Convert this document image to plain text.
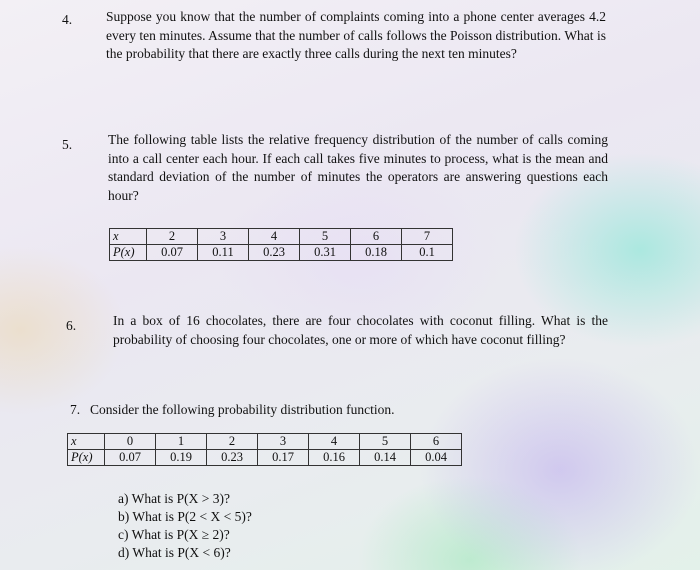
4.	Suppose you know that the number of complaints coming into a phone center averages 4.2 every ten minutes. Assume that the number of calls follows the Poisson distribution. What is the probability that there are exactly three calls during the next ten minutes?

5.	The following table lists the relative frequency distribution of the number of calls coming into a call center each hour. If each call takes five minutes to process, what is the mean and standard deviation of the number of minutes the operators are answering questions each hour?

x	2	3	4	5	6	7
P(x)	0.07	0.11	0.23	0.31	0.18	0.1
6.	In a box of 16 chocolates, there are four chocolates with coconut filling. What is the probability of choosing four chocolates, one or more of which have coconut filling?

7. Consider the following probability distribution function.

x	0	1	2	3	4	5	6
P(x)	0.07	0.19	0.23	0.17	0.16	0.14	0.04
a) What is P(X > 3)?
b) What is P(2 < X < 5)?
c) What is P(X ≥ 2)?
d) What is P(X < 6)?
